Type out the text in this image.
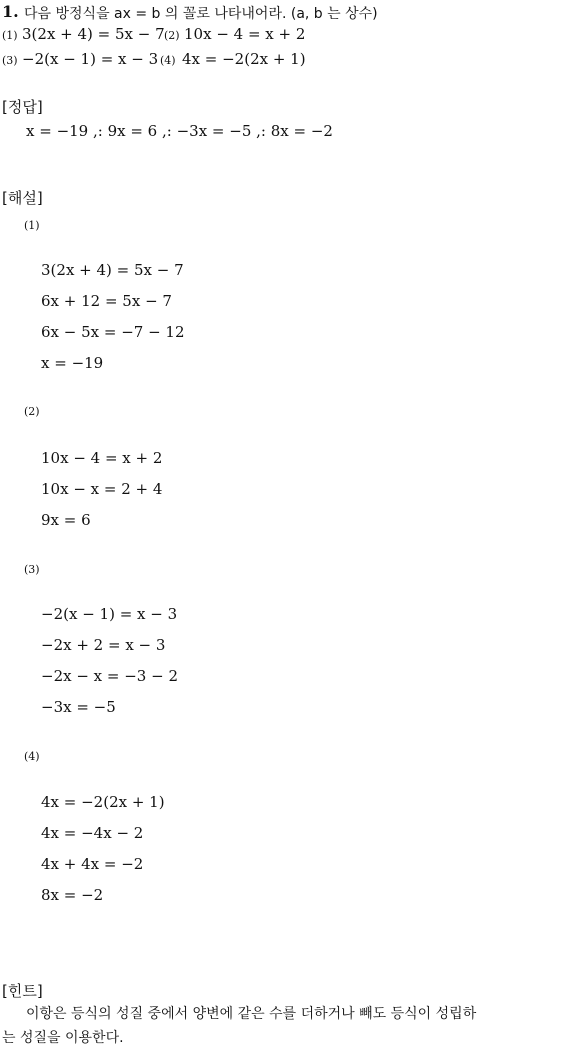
1. 다음 방정식을 ax = b 의 꼴로 나타내어라. (a, b 는 상수)
(1) 3(2x + 4) = 5x − 7 (2) 10x − 4 = x + 2
(3) −2(x − 1) = x − 3 (4) 4x = −2(2x + 1)
[정답]
x = −19 ,: 9x = 6 ,: −3x = −5 ,: 8x = −2
[해설]
(1)
3(2x + 4) = 5x − 7
6x + 12 = 5x − 7
6x − 5x = −7 − 12
x = −19
(2)
10x − 4 = x + 2
10x − x = 2 + 4
9x = 6
(3)
−2(x − 1) = x − 3
−2x + 2 = x − 3
−2x − x = −3 − 2
−3x = −5
(4)
4x = −2(2x + 1)
4x = −4x − 2
4x + 4x = −2
8x = −2
[힌트]
이항은 등식의 성질 중에서 양변에 같은 수를 더하거나 빼도 등식이 성립하
는 성질을 이용한다.
